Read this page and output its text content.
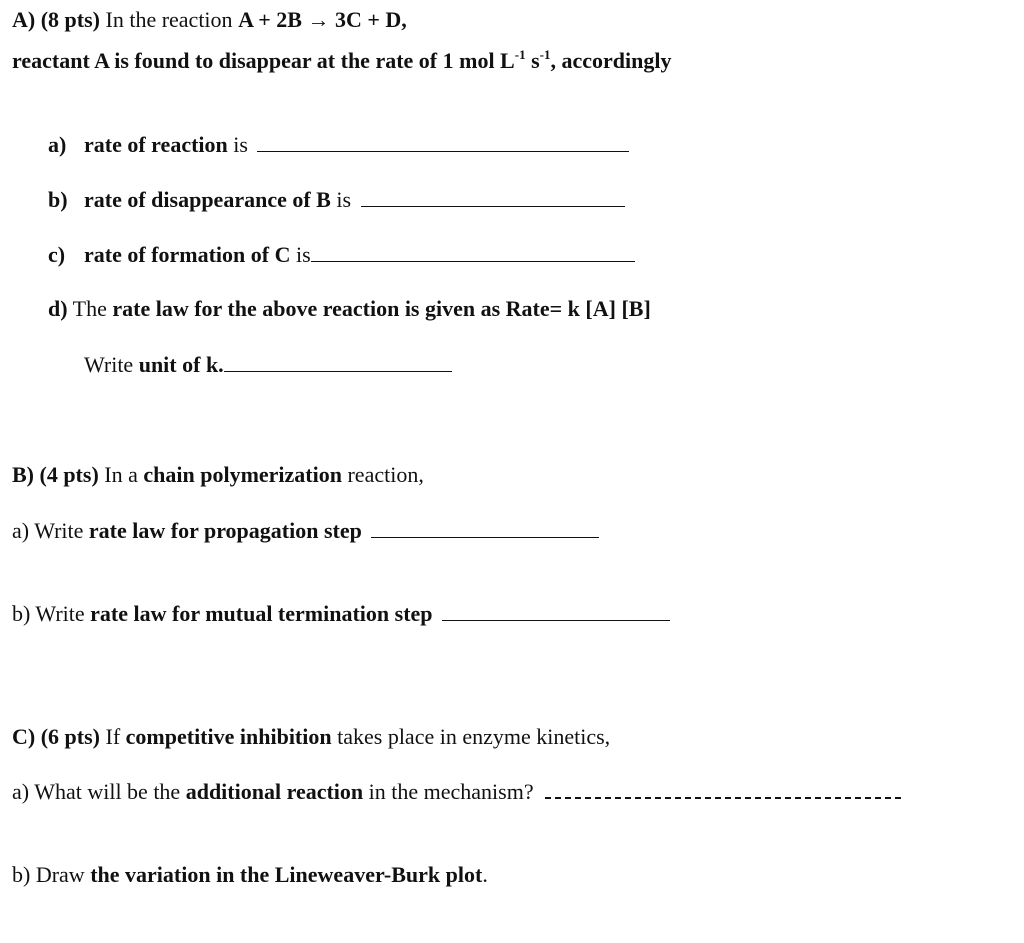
A) (8 pts) In the reaction A + 2B → 3C + D,
reactant A is found to disappear at the rate of 1 mol $L^{-1}$ $s^{-1}$, accordingly
a) rate of reaction is
b) rate of disappearance of B is
c) rate of formation of C is
d) The rate law for the above reaction is given as Rate= k [A] [B]
Write unit of k.
B) (4 pts) In a chain polymerization reaction,
a) Write rate law for propagation step
b) Write rate law for mutual termination step
C) (6 pts) If competitive inhibition takes place in enzyme kinetics,
a) What will be the additional reaction in the mechanism?
b) Draw the variation in the Lineweaver-Burk plot.
